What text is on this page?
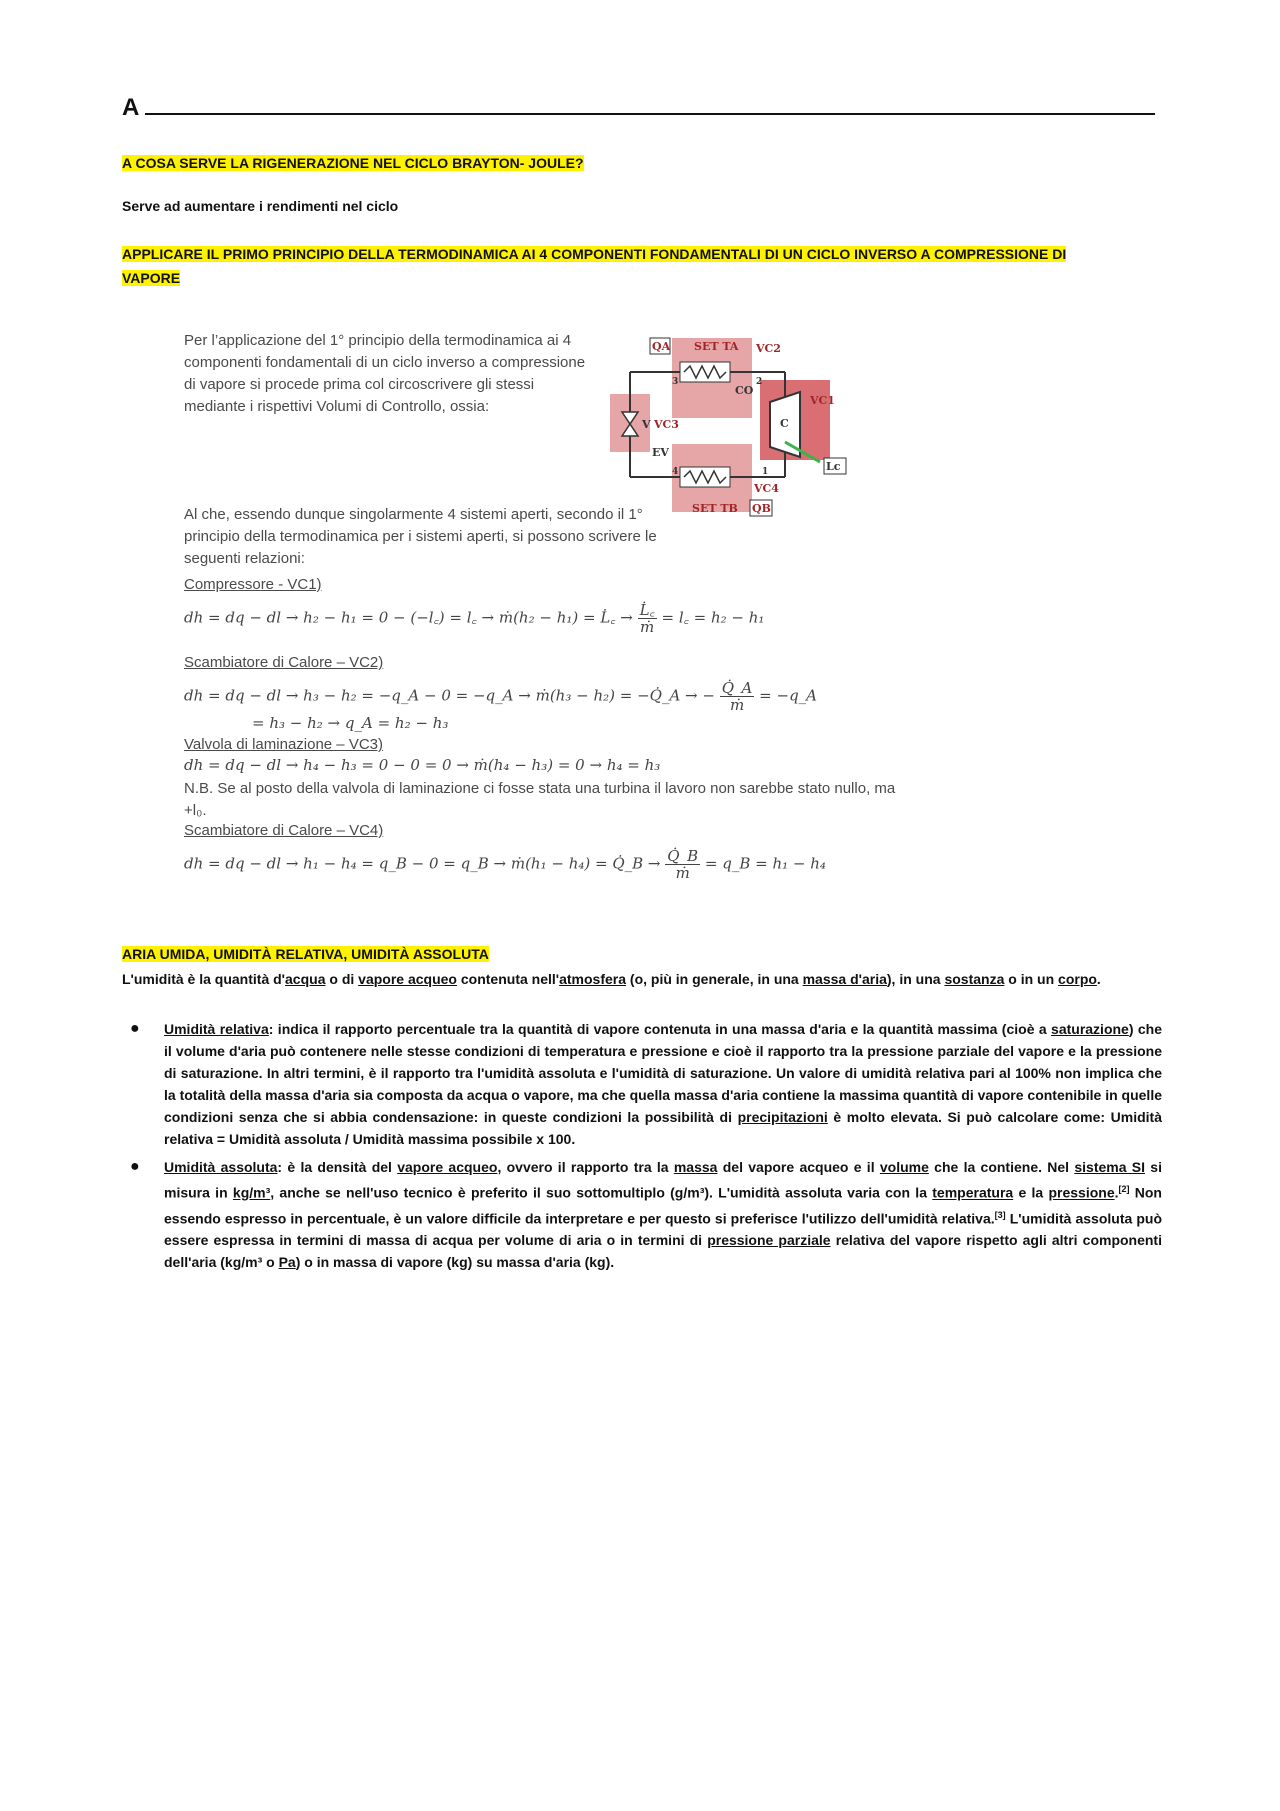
A
A COSA SERVE LA RIGENERAZIONE NEL CICLO BRAYTON- JOULE?
Serve ad aumentare i rendimenti nel ciclo
APPLICARE IL PRIMO PRINCIPIO DELLA TERMODINAMICA AI 4 COMPONENTI FONDAMENTALI DI UN CICLO INVERSO A COMPRESSIONE DI VAPORE
Per l’applicazione del 1° principio della termodinamica ai 4 componenti fondamentali di un ciclo inverso a compressione di vapore si procede prima col circoscrivere gli stessi mediante i rispettivi Volumi di Controllo, ossia:
QA SET TA VC2
CO
VC1
C
V VC3
EV
Lc
VC4
SET TB QB
1
2
3
4
Al che, essendo dunque singolarmente 4 sistemi aperti, secondo il 1° principio della termodinamica per i sistemi aperti, si possono scrivere le seguenti relazioni:
Compressore - VC1)
dh = dq − dl → h₂ − h₁ = 0 − (−l꜀) = l꜀ → ṁ(h₂ − h₁) = L̇꜀ → $\frac{L̇꜀}{\text{ṁ}}$ = l꜀ = h₂ − h₁
Scambiatore di Calore – VC2)
dh = dq − dl → h₃ − h₂ = −q_A − 0 = −q_A → ṁ(h₃ − h₂) = −Q̇_A → − $\frac{Q̇\_A}{\text{ṁ}}$ = −q_A
= h₃ − h₂ → q_A = h₂ − h₃
Valvola di laminazione – VC3)
dh = dq − dl → h₄ − h₃ = 0 − 0 = 0 → ṁ(h₄ − h₃) = 0 → h₄ = h₃
N.B. Se al posto della valvola di laminazione ci fosse stata una turbina il lavoro non sarebbe stato nullo, ma +l₀.
Scambiatore di Calore – VC4)
dh = dq − dl → h₁ − h₄ = q_B − 0 = q_B → ṁ(h₁ − h₄) = Q̇_B → $\frac{Q̇\_B}{\text{ṁ}}$ = q_B = h₁ − h₄
ARIA UMIDA, UMIDITÀ RELATIVA, UMIDITÀ ASSOLUTA
L'umidità è la quantità d'acqua o di vapore acqueo contenuta nell'atmosfera (o, più in generale, in una massa d'aria), in una sostanza o in un corpo.
● Umidità relativa: indica il rapporto percentuale tra la quantità di vapore contenuta in una massa d'aria e la quantità massima (cioè a saturazione) che il volume d'aria può contenere nelle stesse condizioni di temperatura e pressione e cioè il rapporto tra la pressione parziale del vapore e la pressione di saturazione. In altri termini, è il rapporto tra l'umidità assoluta e l'umidità di saturazione. Un valore di umidità relativa pari al 100% non implica che la totalità della massa d'aria sia composta da acqua o vapore, ma che quella massa d'aria contiene la massima quantità di vapore contenibile in quelle condizioni senza che si abbia condensazione: in queste condizioni la possibilità di precipitazioni è molto elevata. Si può calcolare come: Umidità relativa = Umidità assoluta / Umidità massima possibile x 100.
● Umidità assoluta: è la densità del vapore acqueo, ovvero il rapporto tra la massa del vapore acqueo e il volume che la contiene. Nel sistema SI si misura in kg/m³, anche se nell'uso tecnico è preferito il suo sottomultiplo (g/m³). L'umidità assoluta varia con la temperatura e la pressione.[2] Non essendo espresso in percentuale, è un valore difficile da interpretare e per questo si preferisce l'utilizzo dell'umidità relativa.[3] L'umidità assoluta può essere espressa in termini di massa di acqua per volume di aria o in termini di pressione parziale relativa del vapore rispetto agli altri componenti dell'aria (kg/m³ o Pa) o in massa di vapore (kg) su massa d'aria (kg).
